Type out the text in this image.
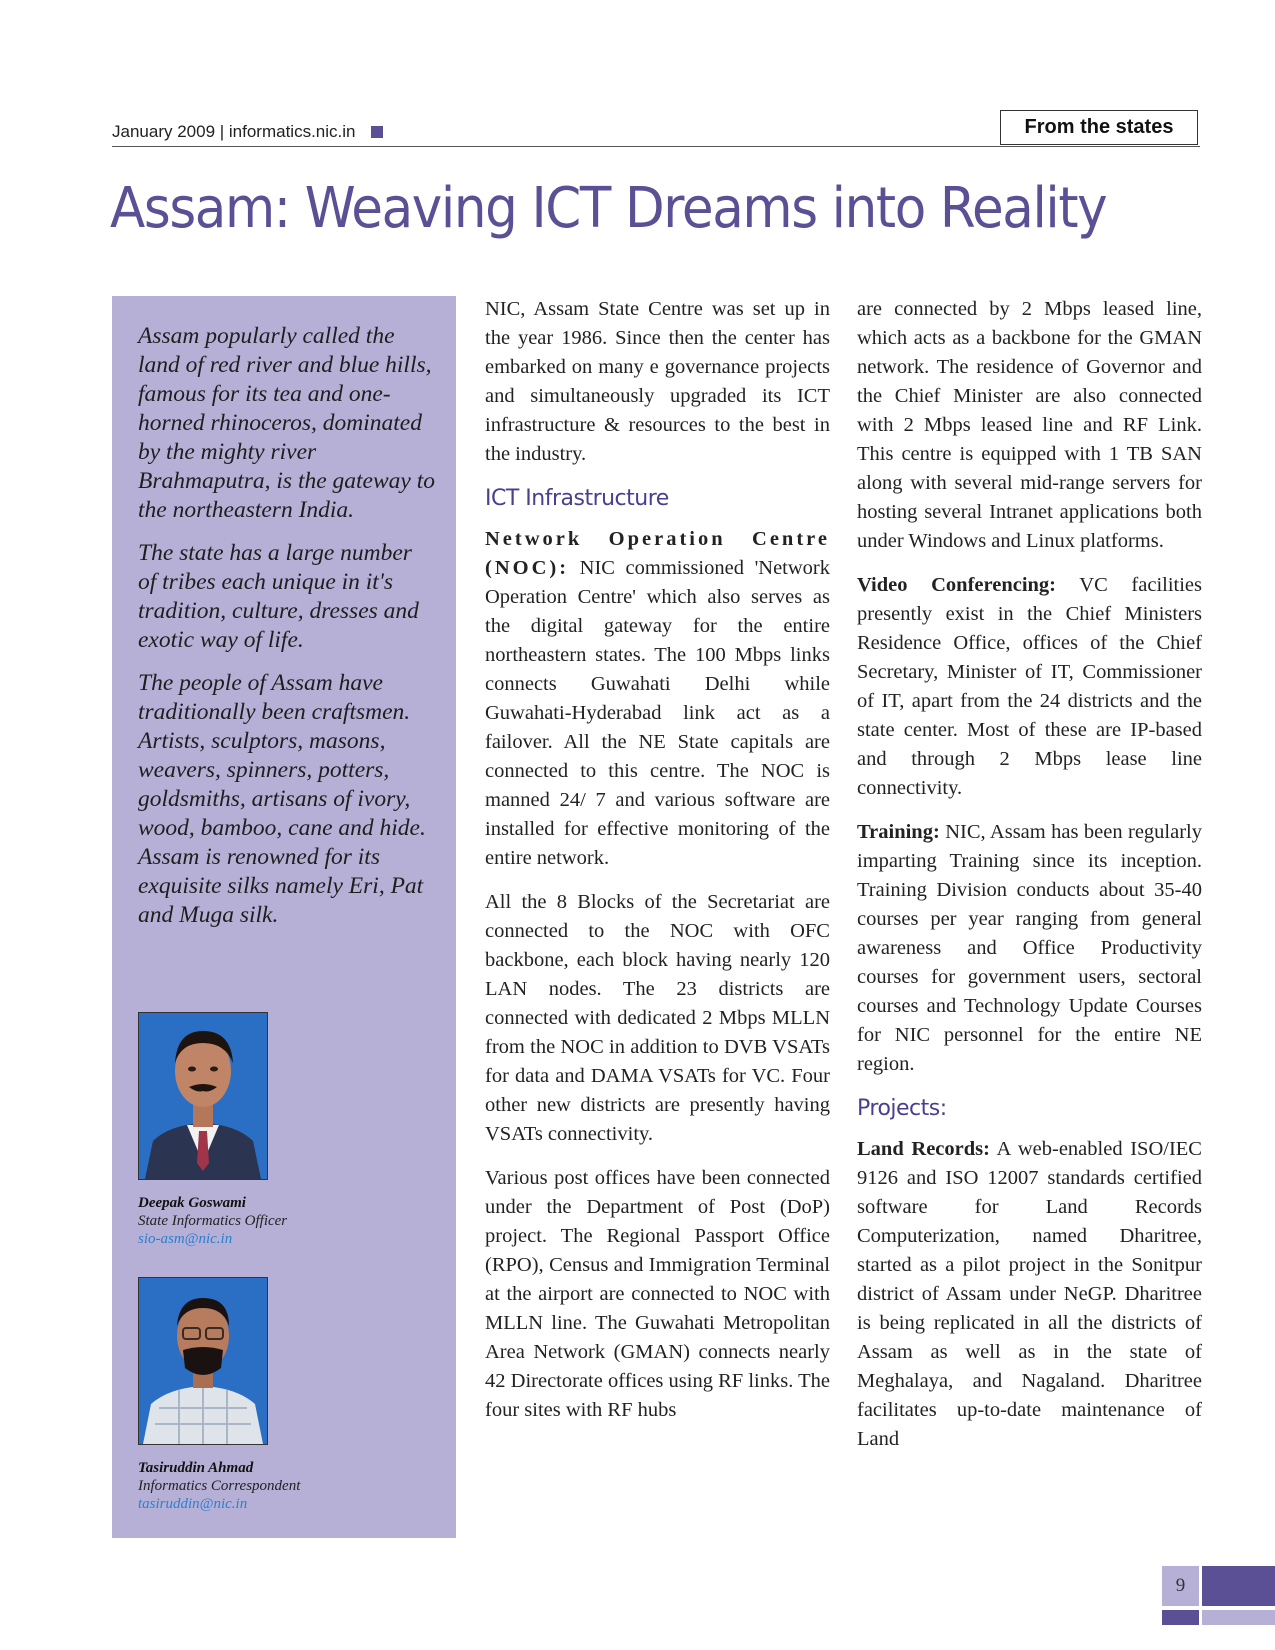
January 2009 | informatics.nic.in	From the states
Assam: Weaving ICT Dreams into Reality

Assam popularly called the land of red river and blue hills, famous for its tea and one-horned rhinoceros, dominated by the mighty river Brahmaputra, is the gateway to the northeastern India.

The state has a large number of tribes each unique in it's tradition, culture, dresses and exotic way of life.

The people of Assam have traditionally been craftsmen. Artists, sculptors, masons, weavers, spinners, potters, goldsmiths, artisans of ivory, wood, bamboo, cane and hide. Assam is renowned for its exquisite silks namely Eri, Pat and Muga silk.

Deepak Goswami
State Informatics Officer
sio-asm@nic.in
Tasiruddin Ahmad
Informatics Correspondent
tasiruddin@nic.in

NIC, Assam State Centre was set up in the year 1986. Since then the center has embarked on many e governance projects and simultaneously upgraded its ICT infrastructure & resources to the best in the industry.

ICT Infrastructure

Network Operation Centre (NOC): NIC commissioned 'Network Operation Centre' which also serves as the digital gateway for the entire northeastern states. The 100 Mbps links connects Guwahati Delhi while Guwahati-Hyderabad link act as a failover. All the NE State capitals are connected to this centre. The NOC is manned 24/ 7 and various software are installed for effective monitoring of the entire network.

All the 8 Blocks of the Secretariat are connected to the NOC with OFC backbone, each block having nearly 120 LAN nodes. The 23 districts are connected with dedicated 2 Mbps MLLN from the NOC in addition to DVB VSATs for data and DAMA VSATs for VC. Four other new districts are presently having VSATs connectivity.

Various post offices have been connected under the Department of Post (DoP) project. The Regional Passport Office (RPO), Census and Immigration Terminal at the airport are connected to NOC with MLLN line. The Guwahati Metropolitan Area Network (GMAN) connects nearly 42 Directorate offices using RF links. The four sites with RF hubs

are connected by 2 Mbps leased line, which acts as a backbone for the GMAN network. The residence of Governor and the Chief Minister are also connected with 2 Mbps leased line and RF Link. This centre is equipped with 1 TB SAN along with several mid-range servers for hosting several Intranet applications both under Windows and Linux platforms.

Video Conferencing: VC facilities presently exist in the Chief Ministers Residence Office, offices of the Chief Secretary, Minister of IT, Commissioner of IT, apart from the 24 districts and the state center. Most of these are IP-based and through 2 Mbps lease line connectivity.

Training: NIC, Assam has been regularly imparting Training since its inception. Training Division conducts about 35-40 courses per year ranging from general awareness and Office Productivity courses for government users, sectoral courses and Technology Update Courses for NIC personnel for the entire NE region.

Projects:

Land Records: A web-enabled ISO/IEC 9126 and ISO 12007 standards certified software for Land Records Computerization, named Dharitree, started as a pilot project in the Sonitpur district of Assam under NeGP. Dharitree is being replicated in all the districts of Assam as well as in the state of Meghalaya, and Nagaland. Dharitree facilitates up-to-date maintenance of Land

9
